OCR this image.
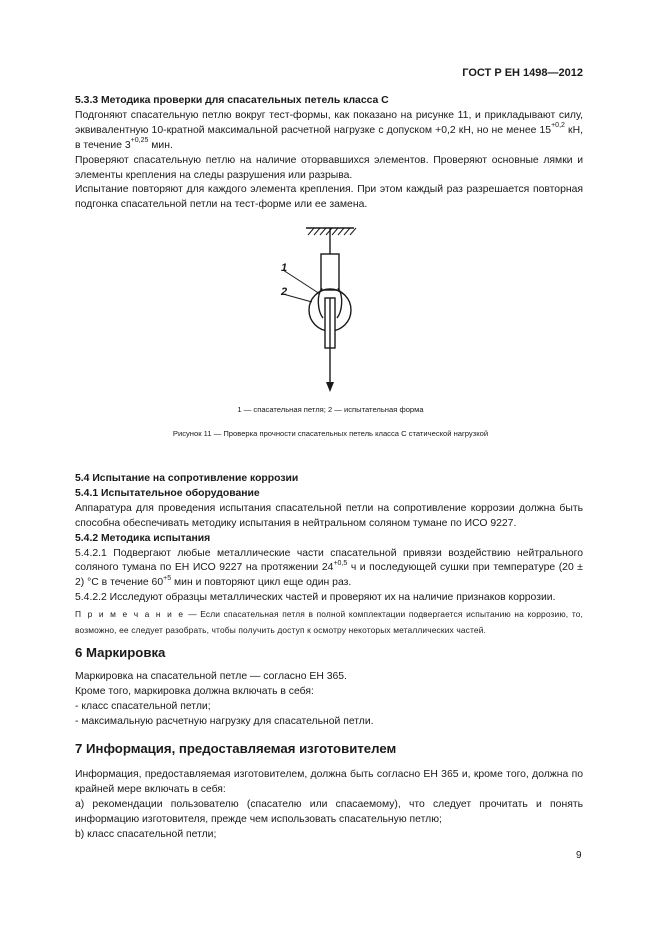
ГОСТ Р ЕН 1498—2012

5.3.3 Методика проверки для спасательных петель класса С

Подгоняют спасательную петлю вокруг тест-формы, как показано на рисунке 11, и прикладывают силу, эквивалентную 10-кратной максимальной расчетной нагрузке с допуском +0,2 кН, но не менее $15^{+0,2}$ кН, в течение $3^{+0,25}$ мин.

Проверяют спасательную петлю на наличие оторвавшихся элементов. Проверяют основные лямки и элементы крепления на следы разрушения или разрыва.

Испытание повторяют для каждого элемента крепления. При этом каждый раз разрешается повторная подгонка спасательной петли на тест-форме или ее замена.

1
2
1 — спасательная петля; 2 — испытательная форма
Рисунок 11 — Проверка прочности спасательных петель класса С статической нагрузкой

5.4 Испытание на сопротивление коррозии

5.4.1 Испытательное оборудование

Аппаратура для проведения испытания спасательной петли на сопротивление коррозии должна быть способна обеспечивать методику испытания в нейтральном соляном тумане по ИСО 9227.

5.4.2 Методика испытания

5.4.2.1 Подвергают любые металлические части спасательной привязи воздействию нейтрального соляного тумана по ЕН ИСО 9227 на протяжении $24^{+0,5}$ ч и последующей сушки при температуре (20 ± 2) °С в течение $60^{+5}$ мин и повторяют цикл еще один раз.

5.4.2.2 Исследуют образцы металлических частей и проверяют их на наличие признаков коррозии.

П р и м е ч а н и е — Если спасательная петля в полной комплектации подвергается испытанию на коррозию, то, возможно, ее следует разобрать, чтобы получить доступ к осмотру некоторых металлических частей.

6 Маркировка

Маркировка на спасательной петле — согласно ЕН 365.

Кроме того, маркировка должна включать в себя:

- класс спасательной петли;

- максимальную расчетную нагрузку для спасательной петли.

7 Информация, предоставляемая изготовителем

Информация, предоставляемая изготовителем, должна быть согласно ЕН 365 и, кроме того, должна по крайней мере включать в себя:

а) рекомендации пользователю (спасателю или спасаемому), что следует прочитать и понять информацию изготовителя, прежде чем использовать спасательную петлю;

b) класс спасательной петли;

9
